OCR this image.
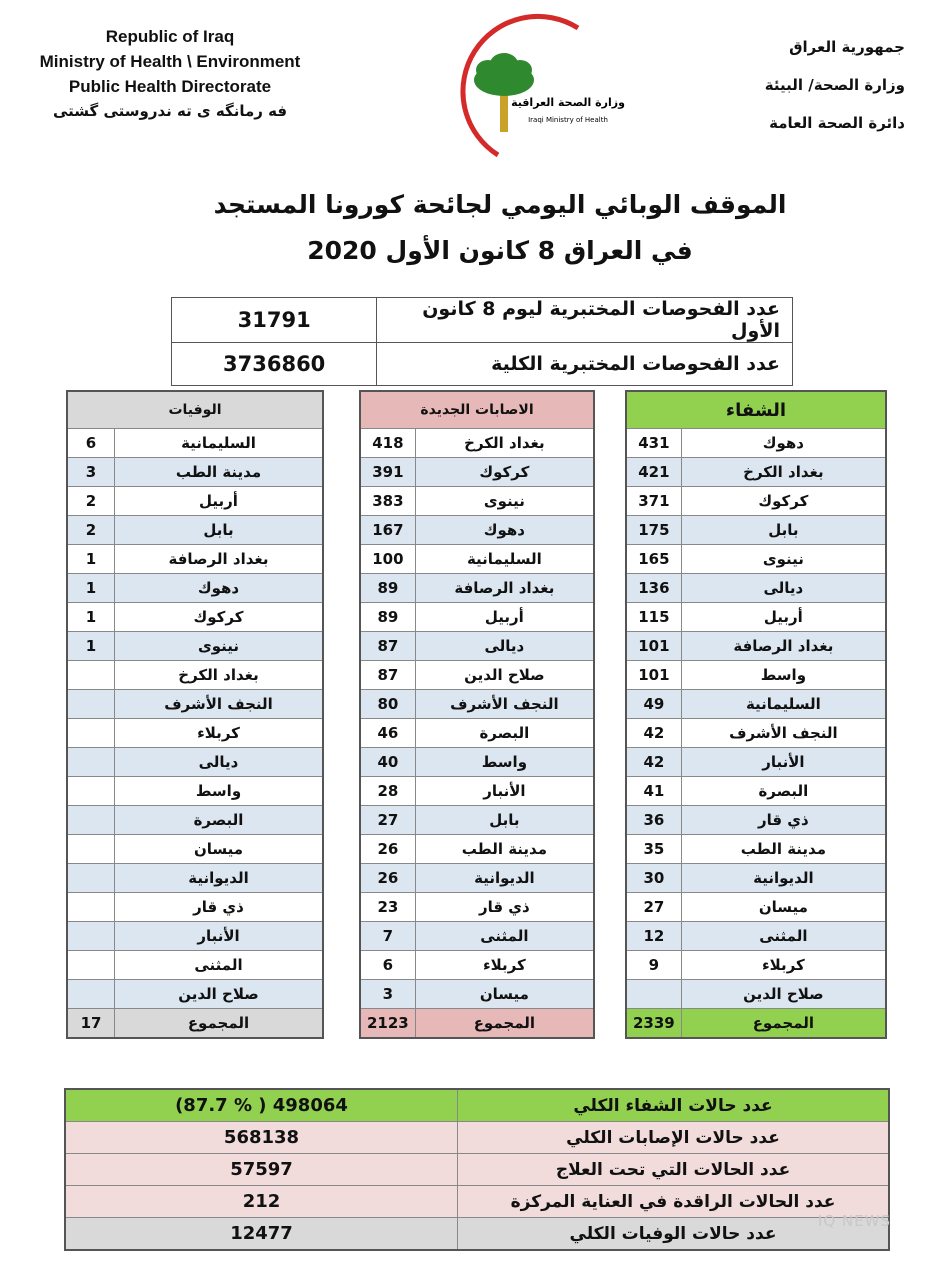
Republic of Iraq
Ministry of Health \ Environment
Public Health Directorate
فه رمانگه ى ته ندروستى گشتى	وزارة الصحة العراقية
Iraqi Ministry of Health
جمهورية العراق
وزارة الصحة/ البيئة
دائرة الصحة العامة
الموقف الوبائي اليومي لجائحة كورونا المستجد
في العراق 8 كانون الأول 2020
31791	عدد الفحوصات المختبرية ليوم 8 كانون الأول
3736860	عدد الفحوصات المختبرية الكلية
الشفاء	
431	دهوك
421	بغداد الكرخ
371	كركوك
175	بابل
165	نينوى
136	ديالى
115	أربيل
101	بغداد الرصافة
101	واسط
49	السليمانية
42	النجف الأشرف
42	الأنبار
41	البصرة
36	ذي قار
35	مدينة الطب
30	الديوانية
27	ميسان
12	المثنى
9	كربلاء
	صلاح الدين
2339	المجموع
الاصابات الجديدة	
418	بغداد الكرخ
391	كركوك
383	نينوى
167	دهوك
100	السليمانية
89	بغداد الرصافة
89	أربيل
87	ديالى
87	صلاح الدين
80	النجف الأشرف
46	البصرة
40	واسط
28	الأنبار
27	بابل
26	مدينة الطب
26	الديوانية
23	ذي قار
7	المثنى
6	كربلاء
3	ميسان
2123	المجموع
الوفيات	
6	السليمانية
3	مدينة الطب
2	أربيل
2	بابل
1	بغداد الرصافة
1	دهوك
1	كركوك
1	نينوى
	بغداد الكرخ
	النجف الأشرف
	كربلاء
	ديالى
	واسط
	البصرة
	ميسان
	الديوانية
	ذي قار
	الأنبار
	المثنى
	صلاح الدين
17	المجموع
(87.7 % ) 498064	عدد حالات الشفاء الكلي
568138	عدد حالات الإصابات الكلي
57597	عدد الحالات التي تحت العلاج
212	عدد الحالات الراقدة في العناية المركزة
12477	عدد حالات الوفيات الكلي
IQ NEWS
